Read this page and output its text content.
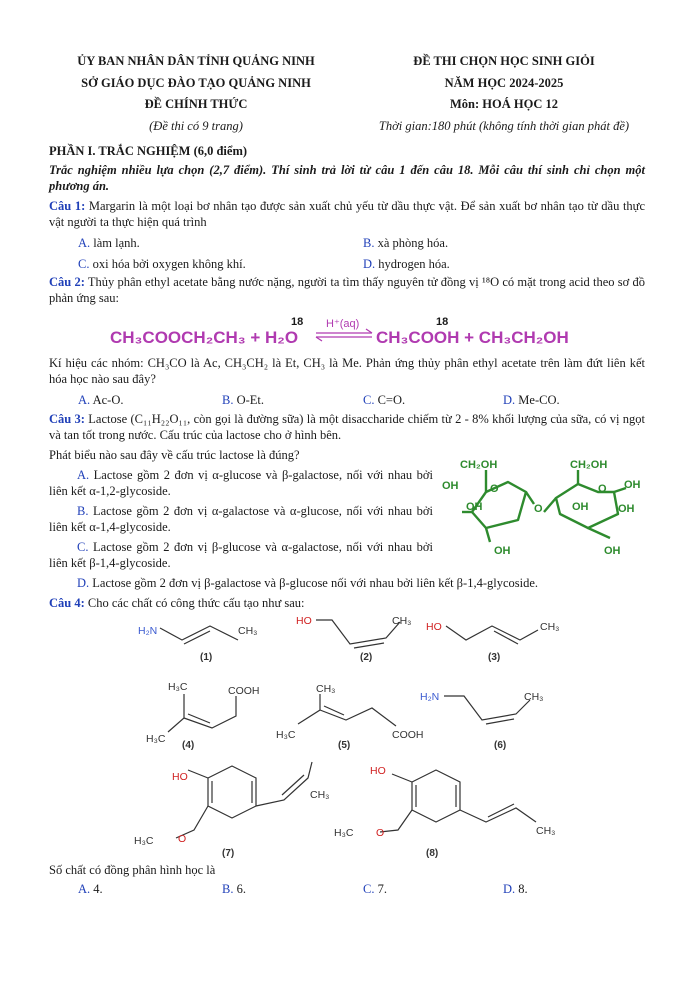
ỦY BAN NHÂN DÂN TỈNH QUẢNG NINH
SỞ GIÁO DỤC ĐÀO TẠO QUẢNG NINH
ĐỀ CHÍNH THỨC
(Đề thi có 9 trang)
ĐỀ THI CHỌN HỌC SINH GIỎI
NĂM HỌC 2024-2025
Môn: HOÁ HỌC 12
Thời gian:180 phút (không tính thời gian phát đề)
PHẦN I. TRẮC NGHIỆM (6,0 điểm)
Trắc nghiệm nhiều lựa chọn (2,7 điểm). Thí sinh trả lời từ câu 1 đến câu 18. Mỗi câu thí sinh chỉ chọn một phương án.
Câu 1: Margarin là một loại bơ nhân tạo được sản xuất chủ yếu từ dầu thực vật. Để sản xuất bơ nhân tạo từ dầu thực vật người ta thực hiện quá trình
A. làm lạnh.	B. xà phòng hóa.
C. oxi hóa bởi oxygen không khí.	D. hydrogen hóa.
Câu 2: Thủy phân ethyl acetate bằng nước nặng, người ta tìm thấy nguyên tử đồng vị ¹⁸O có mặt trong acid theo sơ đồ phản ứng sau:
CH₃COOCH₂CH₃ + H₂O
18 H⁺(aq)	18
CH₃COOH + CH₃CH₂OH
Kí hiệu các nhóm: CH₃CO là Ac, CH₃CH₂ là Et, CH₃ là Me. Phản ứng thủy phân ethyl acetate trên làm đứt liên kết hóa học nào sau đây?
A. Ac-O.	B. O-Et.	C. C=O.	D. Me-CO.
Câu 3: Lactose (C₁₁H₂₂O₁₁, còn gọi là đường sữa) là một disaccharide chiếm từ 2 - 8% khối lượng của sữa, có vị ngọt và tan tốt trong nước. Cấu trúc của lactose cho ở hình bên.
Phát biểu nào sau đây về cấu trúc lactose là đúng?
A. Lactose gồm 2 đơn vị α-glucose và β-galactose, nối với nhau bởi liên kết α-1,2-glycoside.
B. Lactose gồm 2 đơn vị α-galactose và α-glucose, nối với nhau bởi liên kết α-1,4-glycoside.
C. Lactose gồm 2 đơn vị β-glucose và α-galactose, nối với nhau bởi liên kết β-1,4-glycoside.
D. Lactose gồm 2 đơn vị β-galactose và β-glucose nối với nhau bởi liên kết β-1,4-glycoside.
CH₂OH	CH₂OH
OH	O
OH	O
O OH
OH	OH
OH	OH
Câu 4: Cho các chất có công thức cấu tạo như sau:
H₂N	CH₃
HO	CH₃ HO	CH₃
H₃C
H₃C
COOH	CH₃
H₃C	COOH
H₂N	CH₃
HO
CH₃
H₃C O
HO
CH₃
H₃C O
(1)	(2)	(3)
(4)	(5)	(6)
(7)	(8)
Số chất có đồng phân hình học là
A. 4.	B. 6.	C. 7.	D. 8.
